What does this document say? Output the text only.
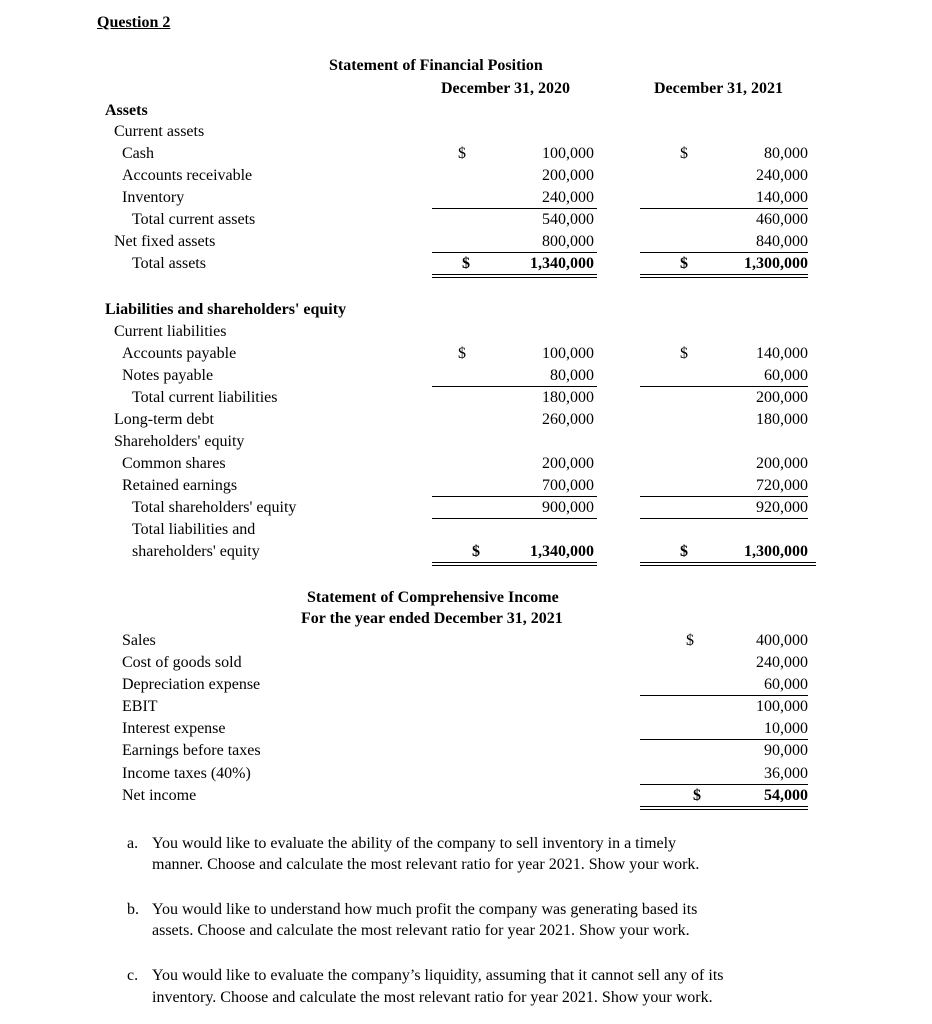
Question 2
Statement of Financial Position
December 31, 2020	December 31, 2021
Assets
Current assets
Cash	$	100,000	$	80,000
Accounts receivable	200,000	240,000
Inventory	240,000	140,000
Total current assets	540,000	460,000
Net fixed assets	800,000	840,000
Total assets	$	1,340,000	$	1,300,000
Liabilities and shareholders' equity
Current liabilities
Accounts payable	$	100,000	$	140,000
Notes payable	80,000	60,000
Total current liabilities	180,000	200,000
Long-term debt	260,000	180,000
Shareholders' equity
Common shares	200,000	200,000
Retained earnings	700,000	720,000
Total shareholders' equity	900,000	920,000
Total liabilities and
shareholders' equity	$	1,340,000	$	1,300,000
Statement of Comprehensive Income
For the year ended December 31, 2021
Sales	$	400,000
Cost of goods sold	240,000
Depreciation expense	60,000
EBIT	100,000
Interest expense	10,000
Earnings before taxes	90,000
Income taxes (40%)	36,000
Net income	$	54,000
a. You would like to evaluate the ability of the company to sell inventory in a timely
manner. Choose and calculate the most relevant ratio for year 2021. Show your work.
b. You would like to understand how much profit the company was generating based its
assets. Choose and calculate the most relevant ratio for year 2021. Show your work.
c. You would like to evaluate the company’s liquidity, assuming that it cannot sell any of its
inventory. Choose and calculate the most relevant ratio for year 2021. Show your work.
